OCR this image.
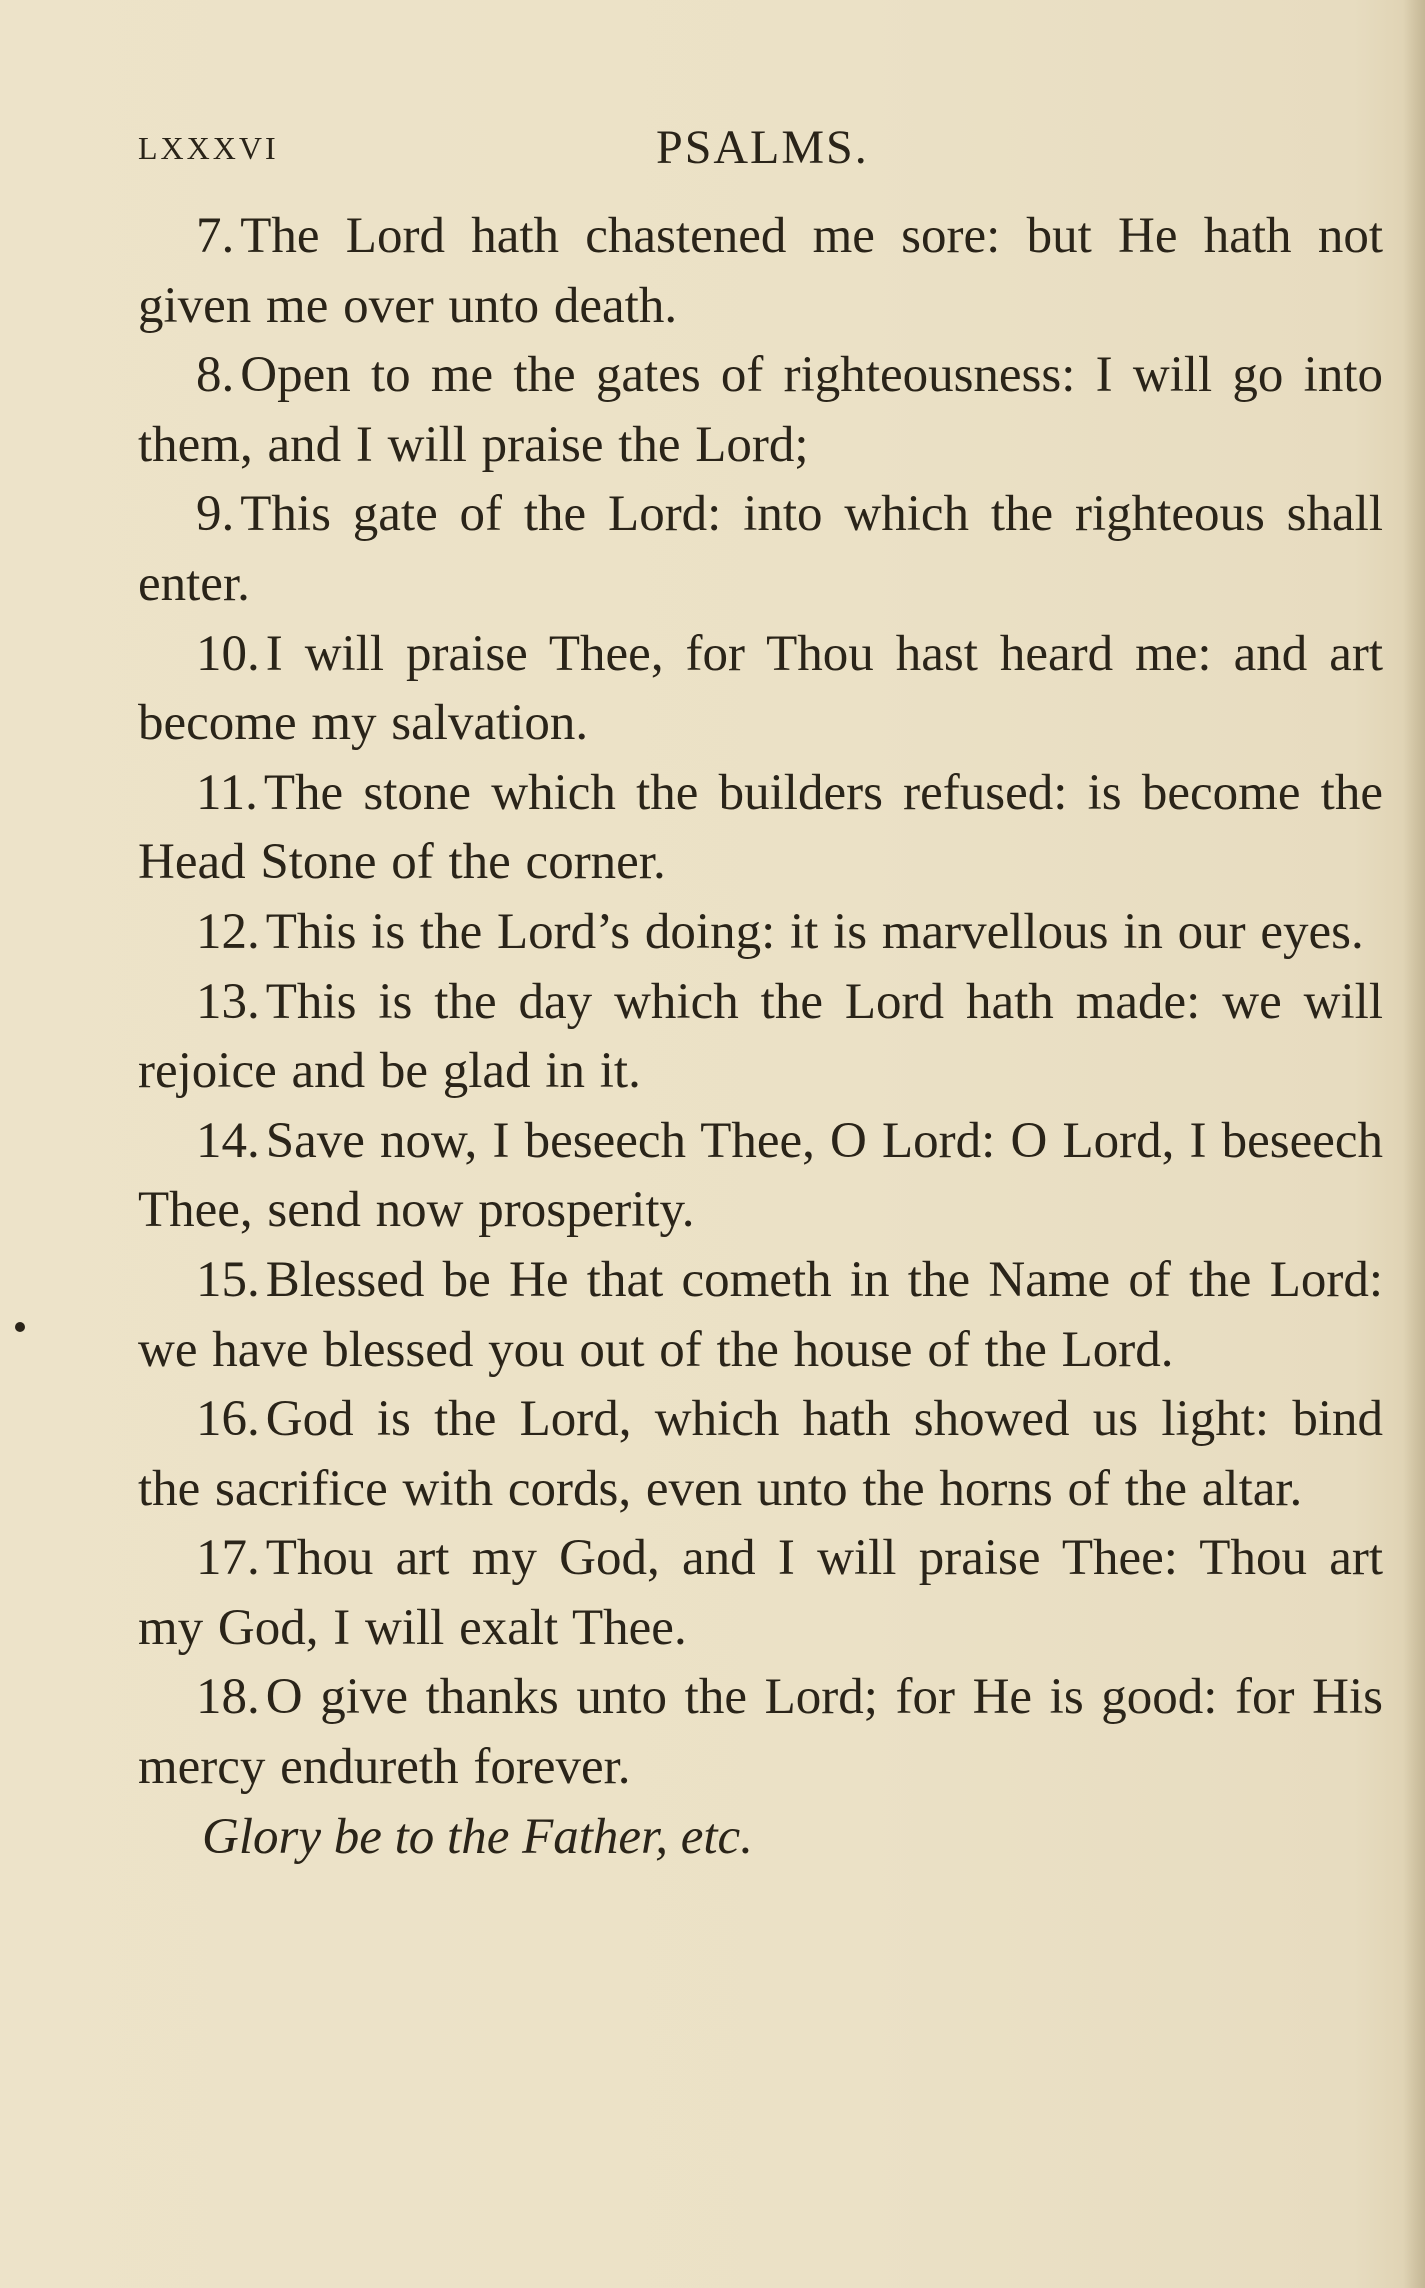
LXXXVI	PSALMS.

7. The Lord hath chastened me sore: but He hath not given me over unto death.

8. Open to me the gates of righteousness: I will go into them, and I will praise the Lord;

9. This gate of the Lord: into which the righteous shall enter.

10. I will praise Thee, for Thou hast heard me: and art become my salvation.

11. The stone which the builders refused: is become the Head Stone of the corner.

12. This is the Lord’s doing: it is marvellous in our eyes.

13. This is the day which the Lord hath made: we will rejoice and be glad in it.

14. Save now, I beseech Thee, O Lord: O Lord, I beseech Thee, send now prosperity.

15. Blessed be He that cometh in the Name of the Lord: we have blessed you out of the house of the Lord.

16. God is the Lord, which hath showed us light: bind the sacrifice with cords, even unto the horns of the altar.

17. Thou art my God, and I will praise Thee: Thou art my God, I will exalt Thee.

18. O give thanks unto the Lord; for He is good: for His mercy endureth forever.

Glory be to the Father, etc.
